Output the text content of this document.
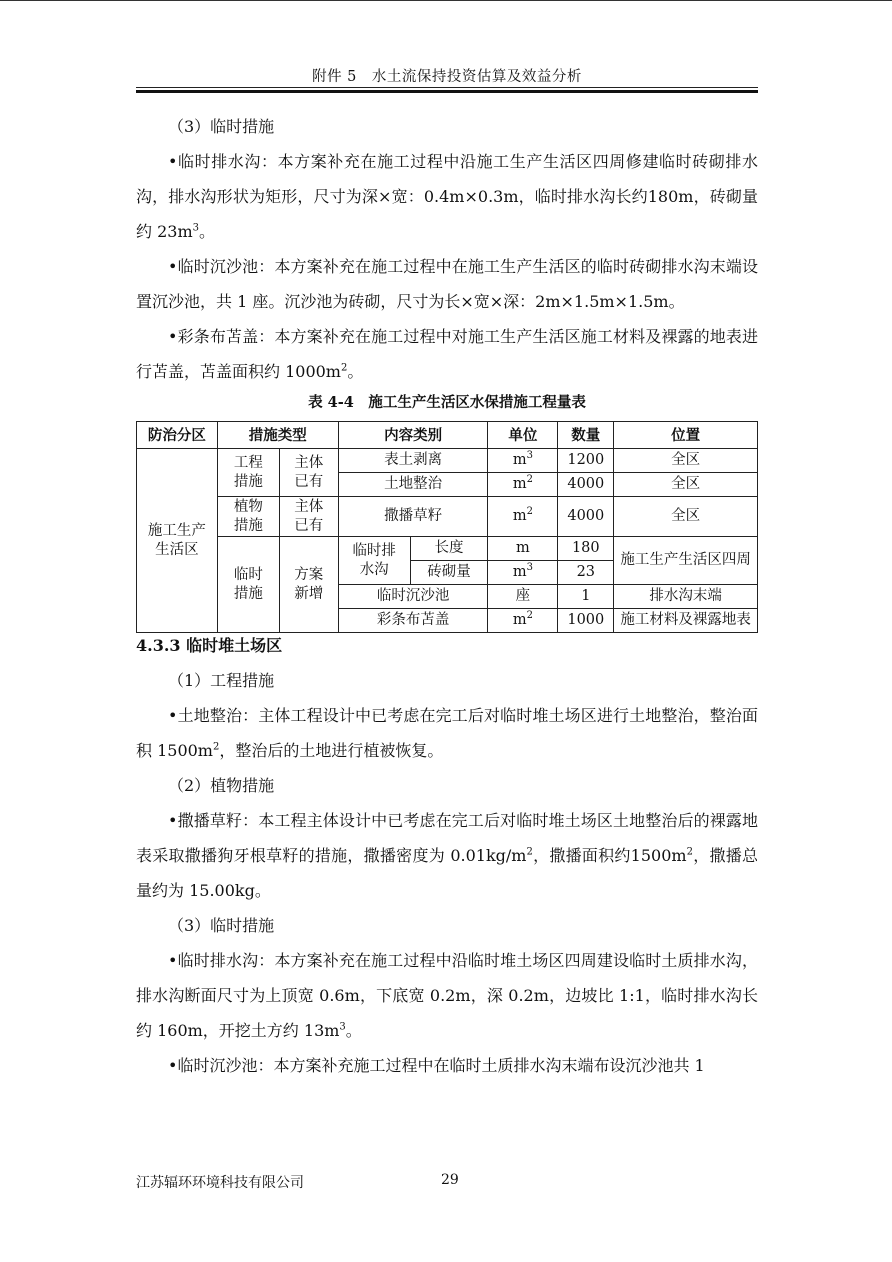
附件 5　水土流保持投资估算及效益分析

（3）临时措施

•临时排水沟：本方案补充在施工过程中沿施工生产生活区四周修建临时砖砌排水沟，排水沟形状为矩形，尺寸为深×宽：0.4m×0.3m，临时排水沟长约180m，砖砌量约 $23m^3$。

•临时沉沙池：本方案补充在施工过程中在施工生产生活区的临时砖砌排水沟末端设置沉沙池，共 1 座。沉沙池为砖砌，尺寸为长×宽×深：2m×1.5m×1.5m。

•彩条布苫盖：本方案补充在施工过程中对施工生产生活区施工材料及裸露的地表进行苫盖，苫盖面积约 $1000m^2$。

表 4-4　施工生产生活区水保措施工程量表
防治分区	措施类型		内容类别		单位	数量	位置
施工生产生活区	工程措施	主体已有	表土剥离		$m^3$	1200	全区
			土地整治		$m^2$	4000	全区
	植物措施	主体已有	撒播草籽		$m^2$	4000	全区
	临时措施	方案新增	临时排水沟	长度	m	180	施工生产生活区四周
				砖砌量	$m^3$	23	
			临时沉沙池		座	1	排水沟末端
			彩条布苫盖		$m^2$	1000	施工材料及裸露地表
4.3.3 临时堆土场区

（1）工程措施

•土地整治：主体工程设计中已考虑在完工后对临时堆土场区进行土地整治，整治面积 $1500m^2$，整治后的土地进行植被恢复。

（2）植物措施

•撒播草籽：本工程主体设计中已考虑在完工后对临时堆土场区土地整治后的裸露地表采取撒播狗牙根草籽的措施，撒播密度为 $0.01kg/m^2$，撒播面积约$1500m^2$，撒播总量约为 15.00kg。

（3）临时措施

•临时排水沟：本方案补充在施工过程中沿临时堆土场区四周建设临时土质排水沟，排水沟断面尺寸为上顶宽 0.6m，下底宽 0.2m，深 0.2m，边坡比 1:1，临时排水沟长约 160m，开挖土方约 $13m^3$。

•临时沉沙池：本方案补充施工过程中在临时土质排水沟末端布设沉沙池共 1

江苏辐环环境科技有限公司	29
